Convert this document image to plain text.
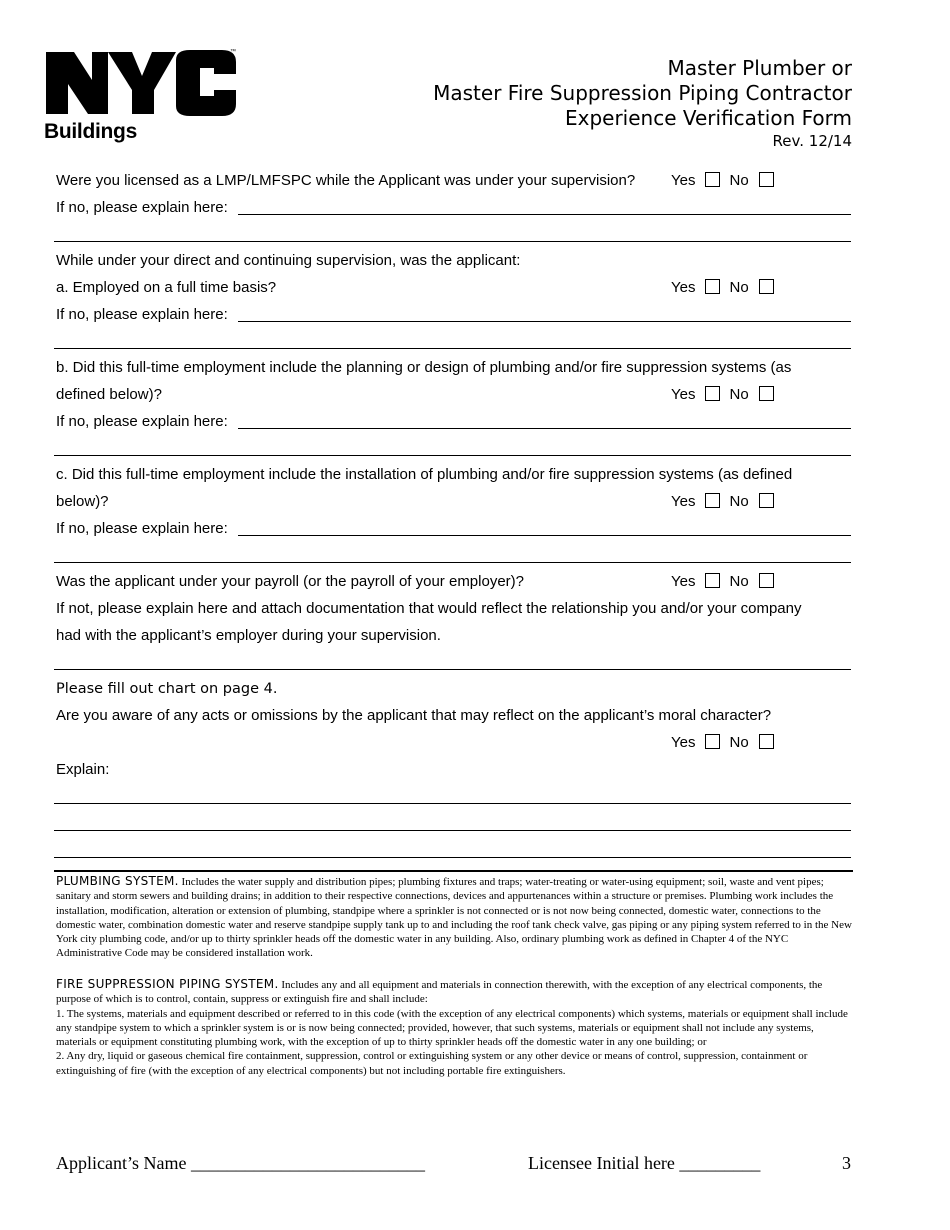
™
Buildings
Master Plumber or
Master Fire Suppression Piping Contractor
Experience Verification Form
Rev. 12/14
Were you licensed as a LMP/LMFSPC while the Applicant was under your supervision?	Yes No
If no, please explain here:
While under your direct and continuing supervision, was the applicant:
a. Employed on a full time basis?	Yes No
If no, please explain here:
b. Did this full-time employment include the planning or design of plumbing and/or fire suppression systems (as
defined below)?	Yes No
If no, please explain here:
c. Did this full-time employment include the installation of plumbing and/or fire suppression systems (as defined
below)?	Yes No
If no, please explain here:
Was the applicant under your payroll (or the payroll of your employer)?	Yes No
If not, please explain here and attach documentation that would reflect the relationship you and/or your company
had with the applicant’s employer during your supervision.
Please fill out chart on page 4.
Are you aware of any acts or omissions by the applicant that may reflect on the applicant’s moral character?
Yes No
Explain:
PLUMBING SYSTEM. Includes the water supply and distribution pipes; plumbing fixtures and traps; water-treating or water-using equipment; soil, waste and vent pipes; sanitary and storm sewers and building drains; in addition to their respective connections, devices and appurtenances within a structure or premises. Plumbing work includes the installation, modification, alteration or extension of plumbing, standpipe where a sprinkler is not connected or is not now being connected, domestic water, connections to the domestic water, combination domestic water and reserve standpipe supply tank up to and including the roof tank check valve, gas piping or any piping system referred to in the New York city plumbing code, and/or up to thirty sprinkler heads off the domestic water in any building. Also, ordinary plumbing work as defined in Chapter 4 of the NYC Administrative Code may be considered installation work.
FIRE SUPPRESSION PIPING SYSTEM. Includes any and all equipment and materials in connection therewith, with the exception of any electrical components, the purpose of which is to control, contain, suppress or extinguish fire and shall include:
1. The systems, materials and equipment described or referred to in this code (with the exception of any electrical components) which systems, materials or equipment shall include any standpipe system to which a sprinkler system is or is now being connected; provided, however, that such systems, materials or equipment shall not include any systems, materials or equipment constituting plumbing work, with the exception of up to thirty sprinkler heads off the domestic water in any one building; or
2. Any dry, liquid or gaseous chemical fire containment, suppression, control or extinguishing system or any other device or means of control, suppression, containment or extinguishing of fire (with the exception of any electrical components) but not including portable fire extinguishers.
Applicant’s Name __________________________	Licensee Initial here _________	3
